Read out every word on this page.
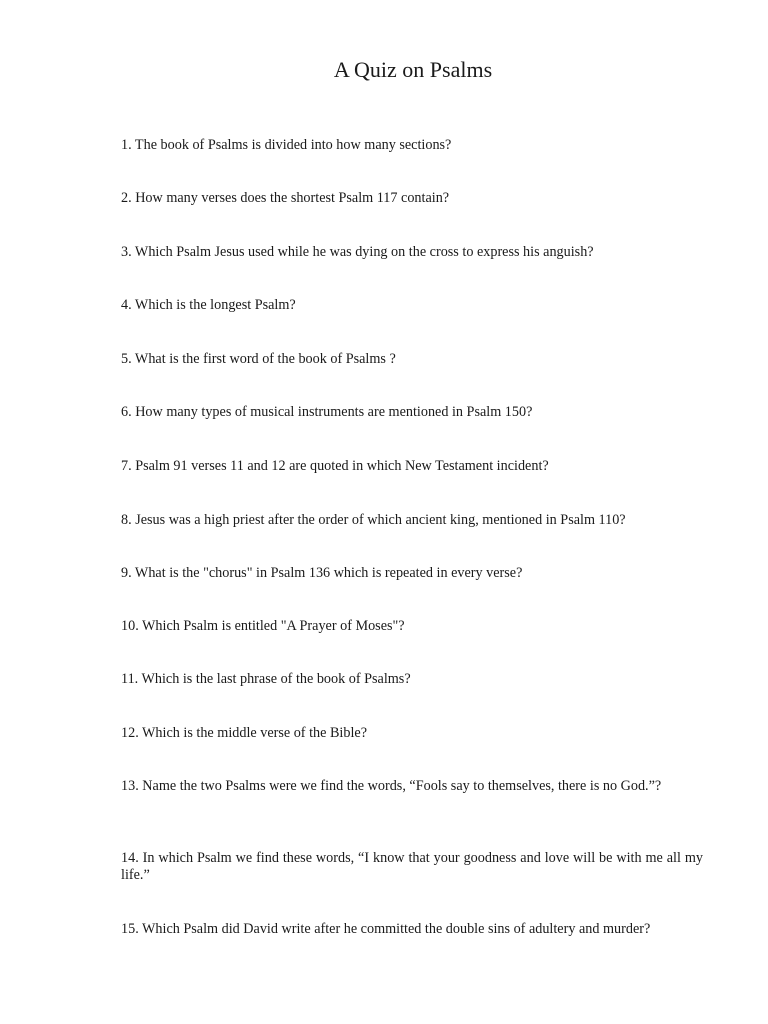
A Quiz on Psalms

1. The book of Psalms is divided into how many sections?

2. How many verses does the shortest Psalm 117 contain?

3. Which Psalm Jesus used while he was dying on the cross to express his anguish?

4. Which is the longest Psalm?

5. What is the first word of the book of Psalms ?

6. How many types of musical instruments are mentioned in Psalm 150?

7. Psalm 91 verses 11 and 12 are quoted in which New Testament incident?

8. Jesus was a high priest after the order of which ancient king, mentioned in Psalm 110?

9. What is the "chorus" in Psalm 136 which is repeated in every verse?

10. Which Psalm is entitled "A Prayer of Moses"?

11. Which is the last phrase of the book of Psalms?

12. Which is the middle verse of the Bible?

13. Name the two Psalms were we find the words, “Fools say to themselves, there is no God.”?

14. In which Psalm we find these words, “I know that your goodness and love will be with me all my life.”

15. Which Psalm did David write after he committed the double sins of adultery and murder?
